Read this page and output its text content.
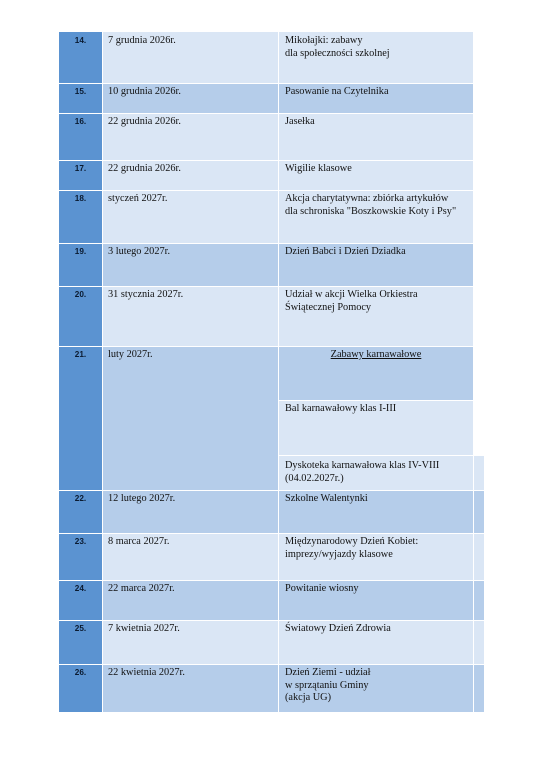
14.	7 grudnia 2026r.	Mikołajki: zabawy
dla społeczności szkolnej
15.	10 grudnia 2026r.	Pasowanie na Czytelnika
16.	22 grudnia 2026r.	Jasełka
17.	22 grudnia 2026r.	Wigilie klasowe
18.	styczeń 2027r.	Akcja charytatywna: zbiórka artykułów
dla schroniska "Boszkowskie Koty i Psy"
19.	3 lutego 2027r.	Dzień Babci i Dzień Dziadka
20.	31 stycznia 2027r.	Udział w akcji Wielka Orkiestra
Świątecznej Pomocy
21.	luty 2027r.	Zabawy karnawałowe
Bal karnawałowy klas I-III
Dyskoteka karnawałowa klas IV-VIII
(04.02.2027r.)
22.	12 lutego 2027r.	Szkolne Walentynki
23.	8 marca 2027r.	Międzynarodowy Dzień Kobiet:
imprezy/wyjazdy klasowe
24.	22 marca 2027r.	Powitanie wiosny
25.	7 kwietnia 2027r.	Światowy Dzień Zdrowia
26.	22 kwietnia 2027r.	Dzień Ziemi - udział
w sprzątaniu Gminy
(akcja UG)
